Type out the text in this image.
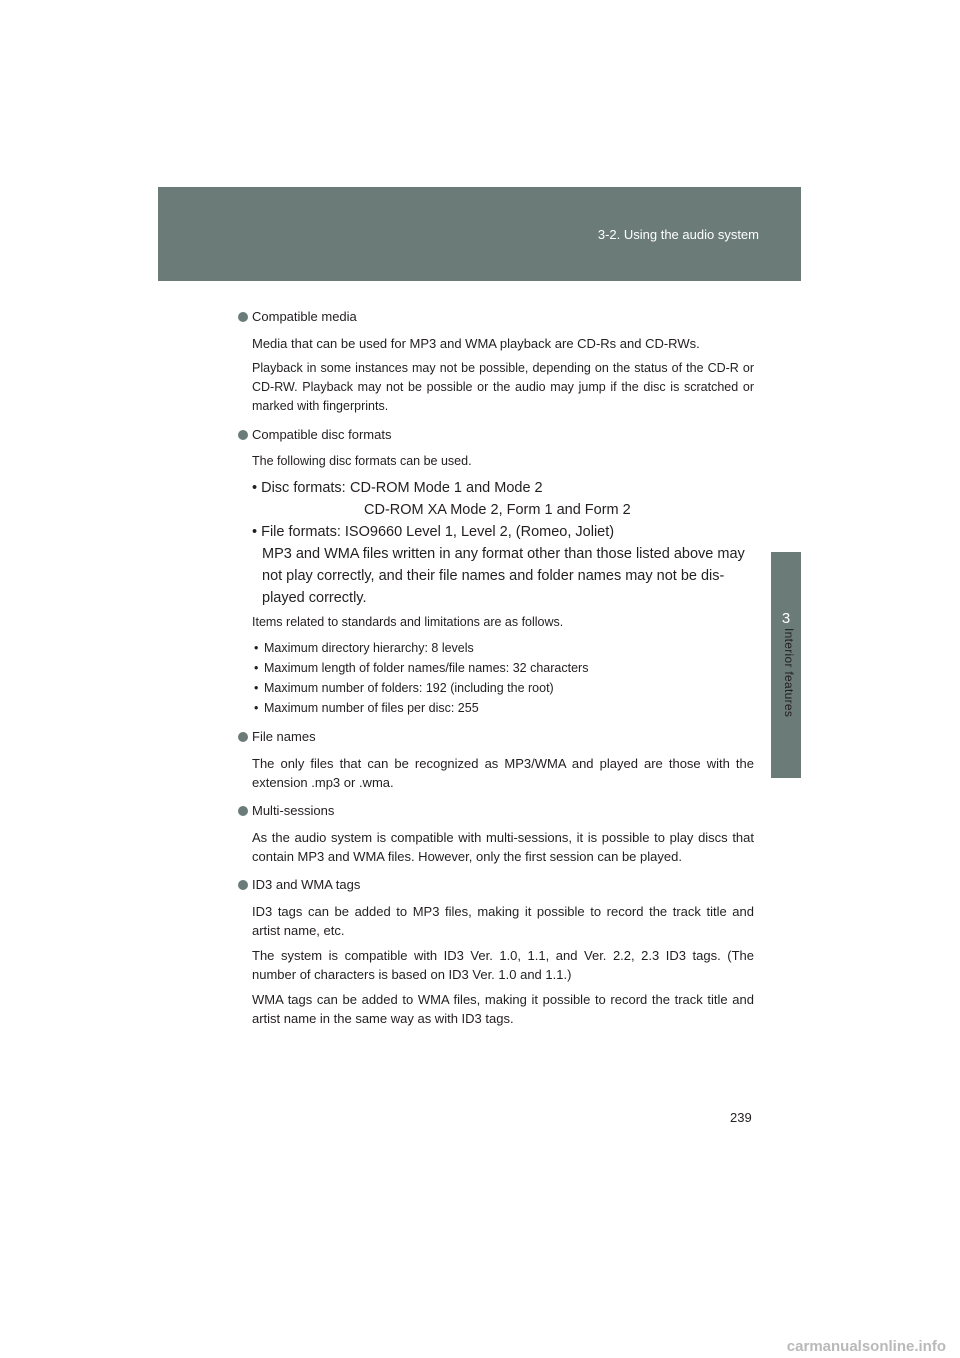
3-2. Using the audio system
3
Interior features
Compatible media

Media that can be used for MP3 and WMA playback are CD-Rs and CD-RWs.

Playback in some instances may not be possible, depending on the status of the CD-R or CD-RW. Playback may not be possible or the audio may jump if the disc is scratched or marked with fingerprints.

Compatible disc formats

The following disc formats can be used.

• Disc formats: CD-ROM Mode 1 and Mode 2
CD-ROM XA Mode 2, Form 1 and Form 2
• File formats: ISO9660 Level 1, Level 2, (Romeo, Joliet)
MP3 and WMA files written in any format other than those listed above may not play correctly, and their file names and folder names may not be dis- played correctly.

Items related to standards and limitations are as follows.

• Maximum directory hierarchy: 8 levels
• Maximum length of folder names/file names: 32 characters
• Maximum number of folders: 192 (including the root)
• Maximum number of files per disc: 255
File names

The only files that can be recognized as MP3/WMA and played are those with the extension .mp3 or .wma.

Multi-sessions

As the audio system is compatible with multi-sessions, it is possible to play discs that contain MP3 and WMA files. However, only the first session can be played.

ID3 and WMA tags

ID3 tags can be added to MP3 files, making it possible to record the track title and artist name, etc.

The system is compatible with ID3 Ver. 1.0, 1.1, and Ver. 2.2, 2.3 ID3 tags. (The number of characters is based on ID3 Ver. 1.0 and 1.1.)

WMA tags can be added to WMA files, making it possible to record the track title and artist name in the same way as with ID3 tags.

239
carmanualsonline.info
